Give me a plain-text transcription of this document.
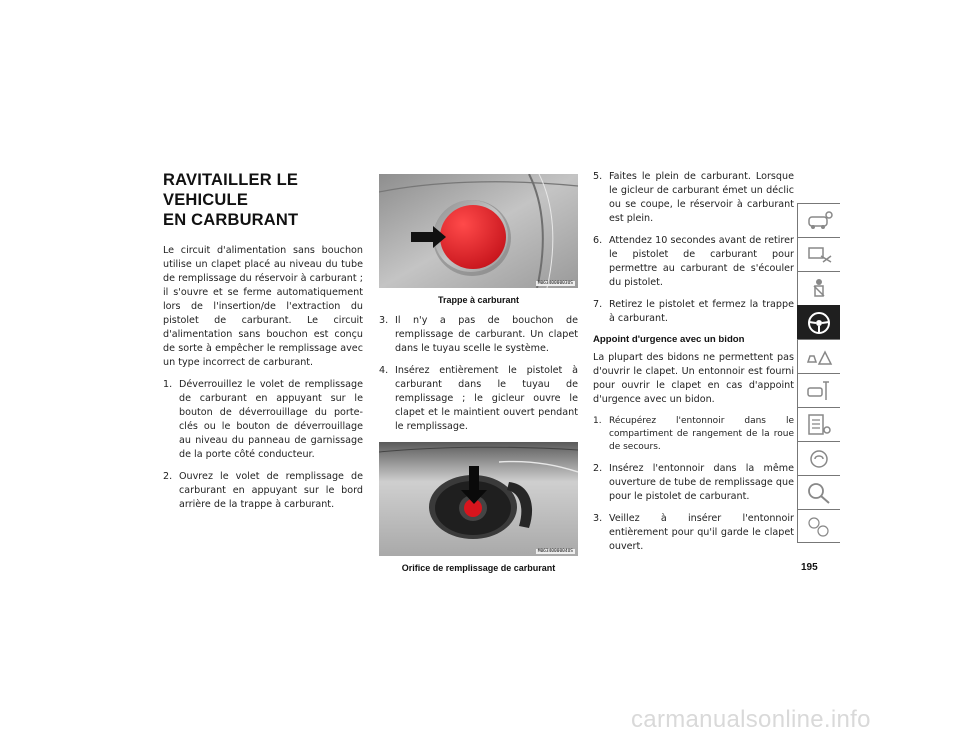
RAVITAILLER LE VEHICULE
EN CARBURANT

Le circuit d'alimentation sans bouchon utilise un clapet placé au niveau du tube de remplissage du réservoir à carburant ; il s'ouvre et se ferme automatiquement lors de l'insertion/de l'extraction du pistolet de carburant. Le circuit d'alimentation sans bouchon est conçu de sorte à empêcher le remplissage avec un type incorrect de carburant.

1. Déverrouillez le volet de remplissage de carburant en appuyant sur le bouton de déverrouillage du porte-clés ou le bouton de déverrouillage au niveau du panneau de garnissage de la porte côté conducteur.
2. Ouvrez le volet de remplissage de carburant en appuyant sur le bord arrière de la trappe à carburant.
M0634000003US
Trappe à carburant
3. Il n'y a pas de bouchon de remplissage de carburant. Un clapet dans le tuyau scelle le système.
4. Insérez entièrement le pistolet à carburant dans le tuyau de remplissage ; le gicleur ouvre le clapet et le maintient ouvert pendant le remplissage.
M0634000004US
Orifice de remplissage de carburant
5. Faites le plein de carburant. Lorsque le gicleur de carburant émet un déclic ou se coupe, le réservoir à carburant est plein.
6. Attendez 10 secondes avant de retirer le pistolet de carburant pour permettre au carburant de s'écouler du pistolet.
7. Retirez le pistolet et fermez la trappe à carburant.
Appoint d'urgence avec un bidon

La plupart des bidons ne permettent pas d'ouvrir le clapet. Un entonnoir est fourni pour ouvrir le clapet en cas d'appoint d'urgence avec un bidon.

1. Récupérez l'entonnoir dans le compartiment de rangement de la roue de secours.
2. Insérez l'entonnoir dans la même ouverture de tube de remplissage que pour le pistolet de carburant.
3. Veillez à insérer l'entonnoir entièrement pour qu'il garde le clapet ouvert.
195
carmanualsonline.info
